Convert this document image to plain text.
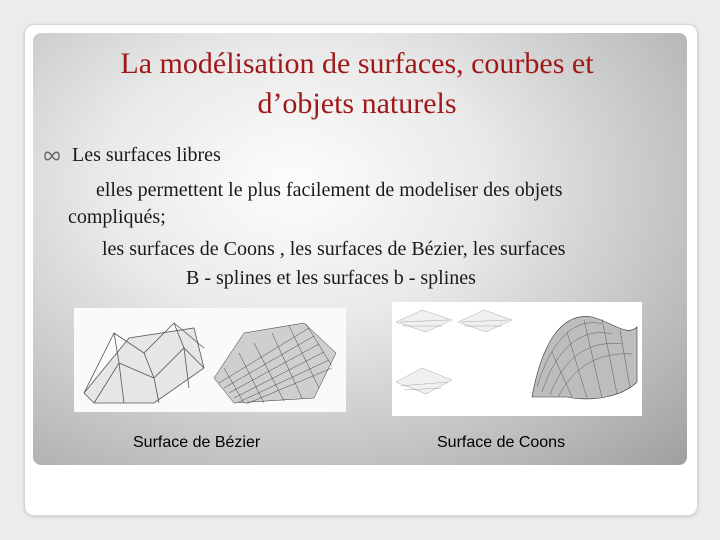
La modélisation de surfaces, courbes et
d’objets naturels
Les surfaces libres
elles permettent le plus facilement de modeliser des objets
compliqués;
les surfaces de Coons , les surfaces de Bézier, les surfaces
B - splines et les surfaces b - splines
Surface de Bézier	Surface de Coons
